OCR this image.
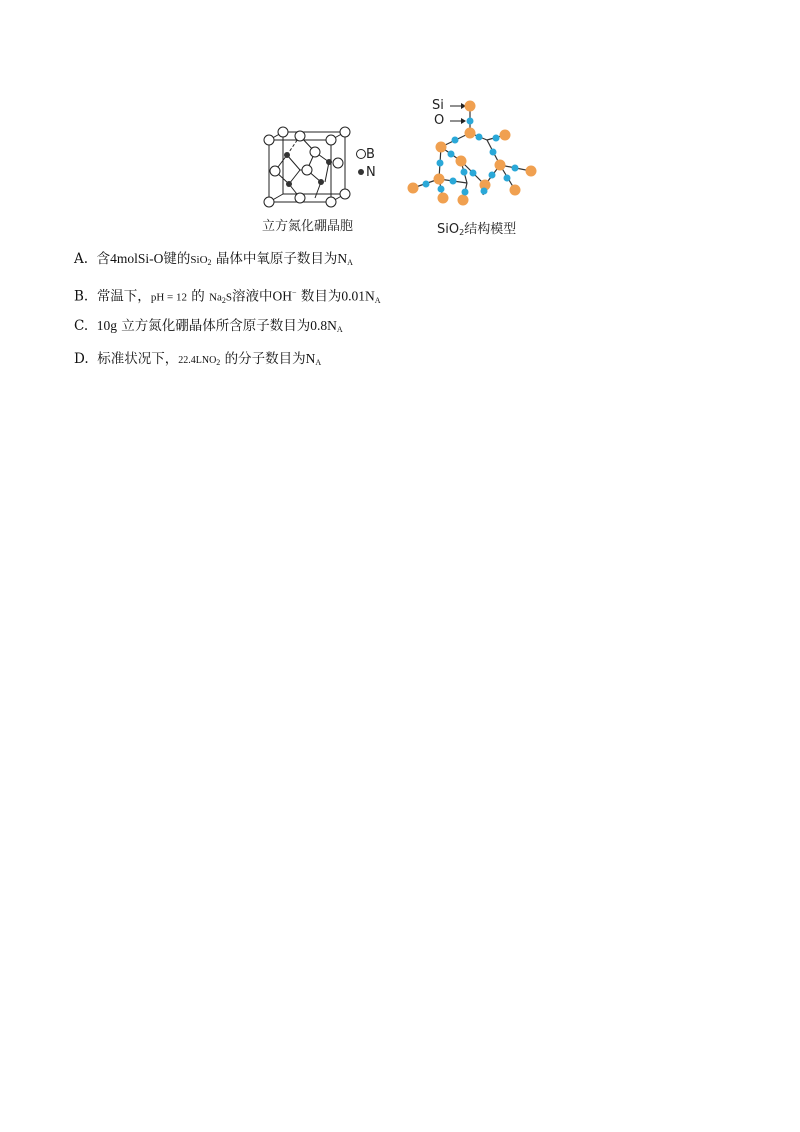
B
N
立方氮化硼晶胞
Si
O
SiO2结构模型
A. 含4molSi-O键的SiO2 晶体中氧原子数目为NA
B. 常温下，pH = 12 的 Na2S溶液中OH− 数目为0.01NA
C. 10g 立方氮化硼晶体所含原子数目为0.8NA
D. 标准状况下，22.4LNO2 的分子数目为NA
